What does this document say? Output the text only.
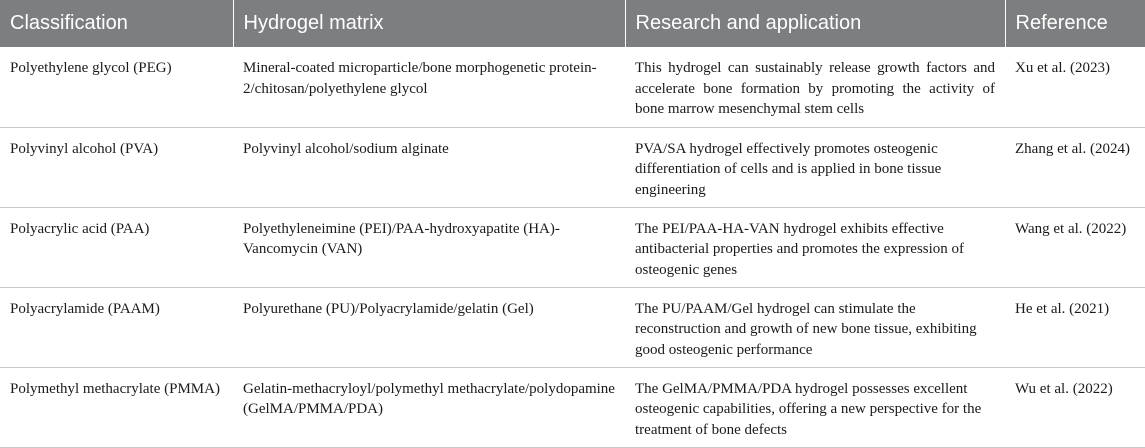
Classification	Hydrogel matrix	Research and application	Reference
Polyethylene glycol (PEG)	Mineral-coated microparticle/bone morphogenetic protein-2/chitosan/polyethylene glycol	This hydrogel can sustainably release growth factors and accelerate bone formation by promoting the activity of bone marrow mesenchymal stem cells	Xu et al. (2023)
Polyvinyl alcohol (PVA)	Polyvinyl alcohol/sodium alginate	PVA/SA hydrogel effectively promotes osteogenic differentiation of cells and is applied in bone tissue engineering	Zhang et al. (2024)
Polyacrylic acid (PAA)	Polyethyleneimine (PEI)/PAA-hydroxyapatite (HA)-Vancomycin (VAN)	The PEI/PAA-HA-VAN hydrogel exhibits effective antibacterial properties and promotes the expression of osteogenic genes	Wang et al. (2022)
Polyacrylamide (PAAM)	Polyurethane (PU)/Polyacrylamide/gelatin (Gel)	The PU/PAAM/Gel hydrogel can stimulate the reconstruction and growth of new bone tissue, exhibiting good osteogenic performance	He et al. (2021)
Polymethyl methacrylate (PMMA)	Gelatin-methacryloyl/polymethyl methacrylate/polydopamine (GelMA/PMMA/PDA)	The GelMA/PMMA/PDA hydrogel possesses excellent osteogenic capabilities, offering a new perspective for the treatment of bone defects	Wu et al. (2022)
